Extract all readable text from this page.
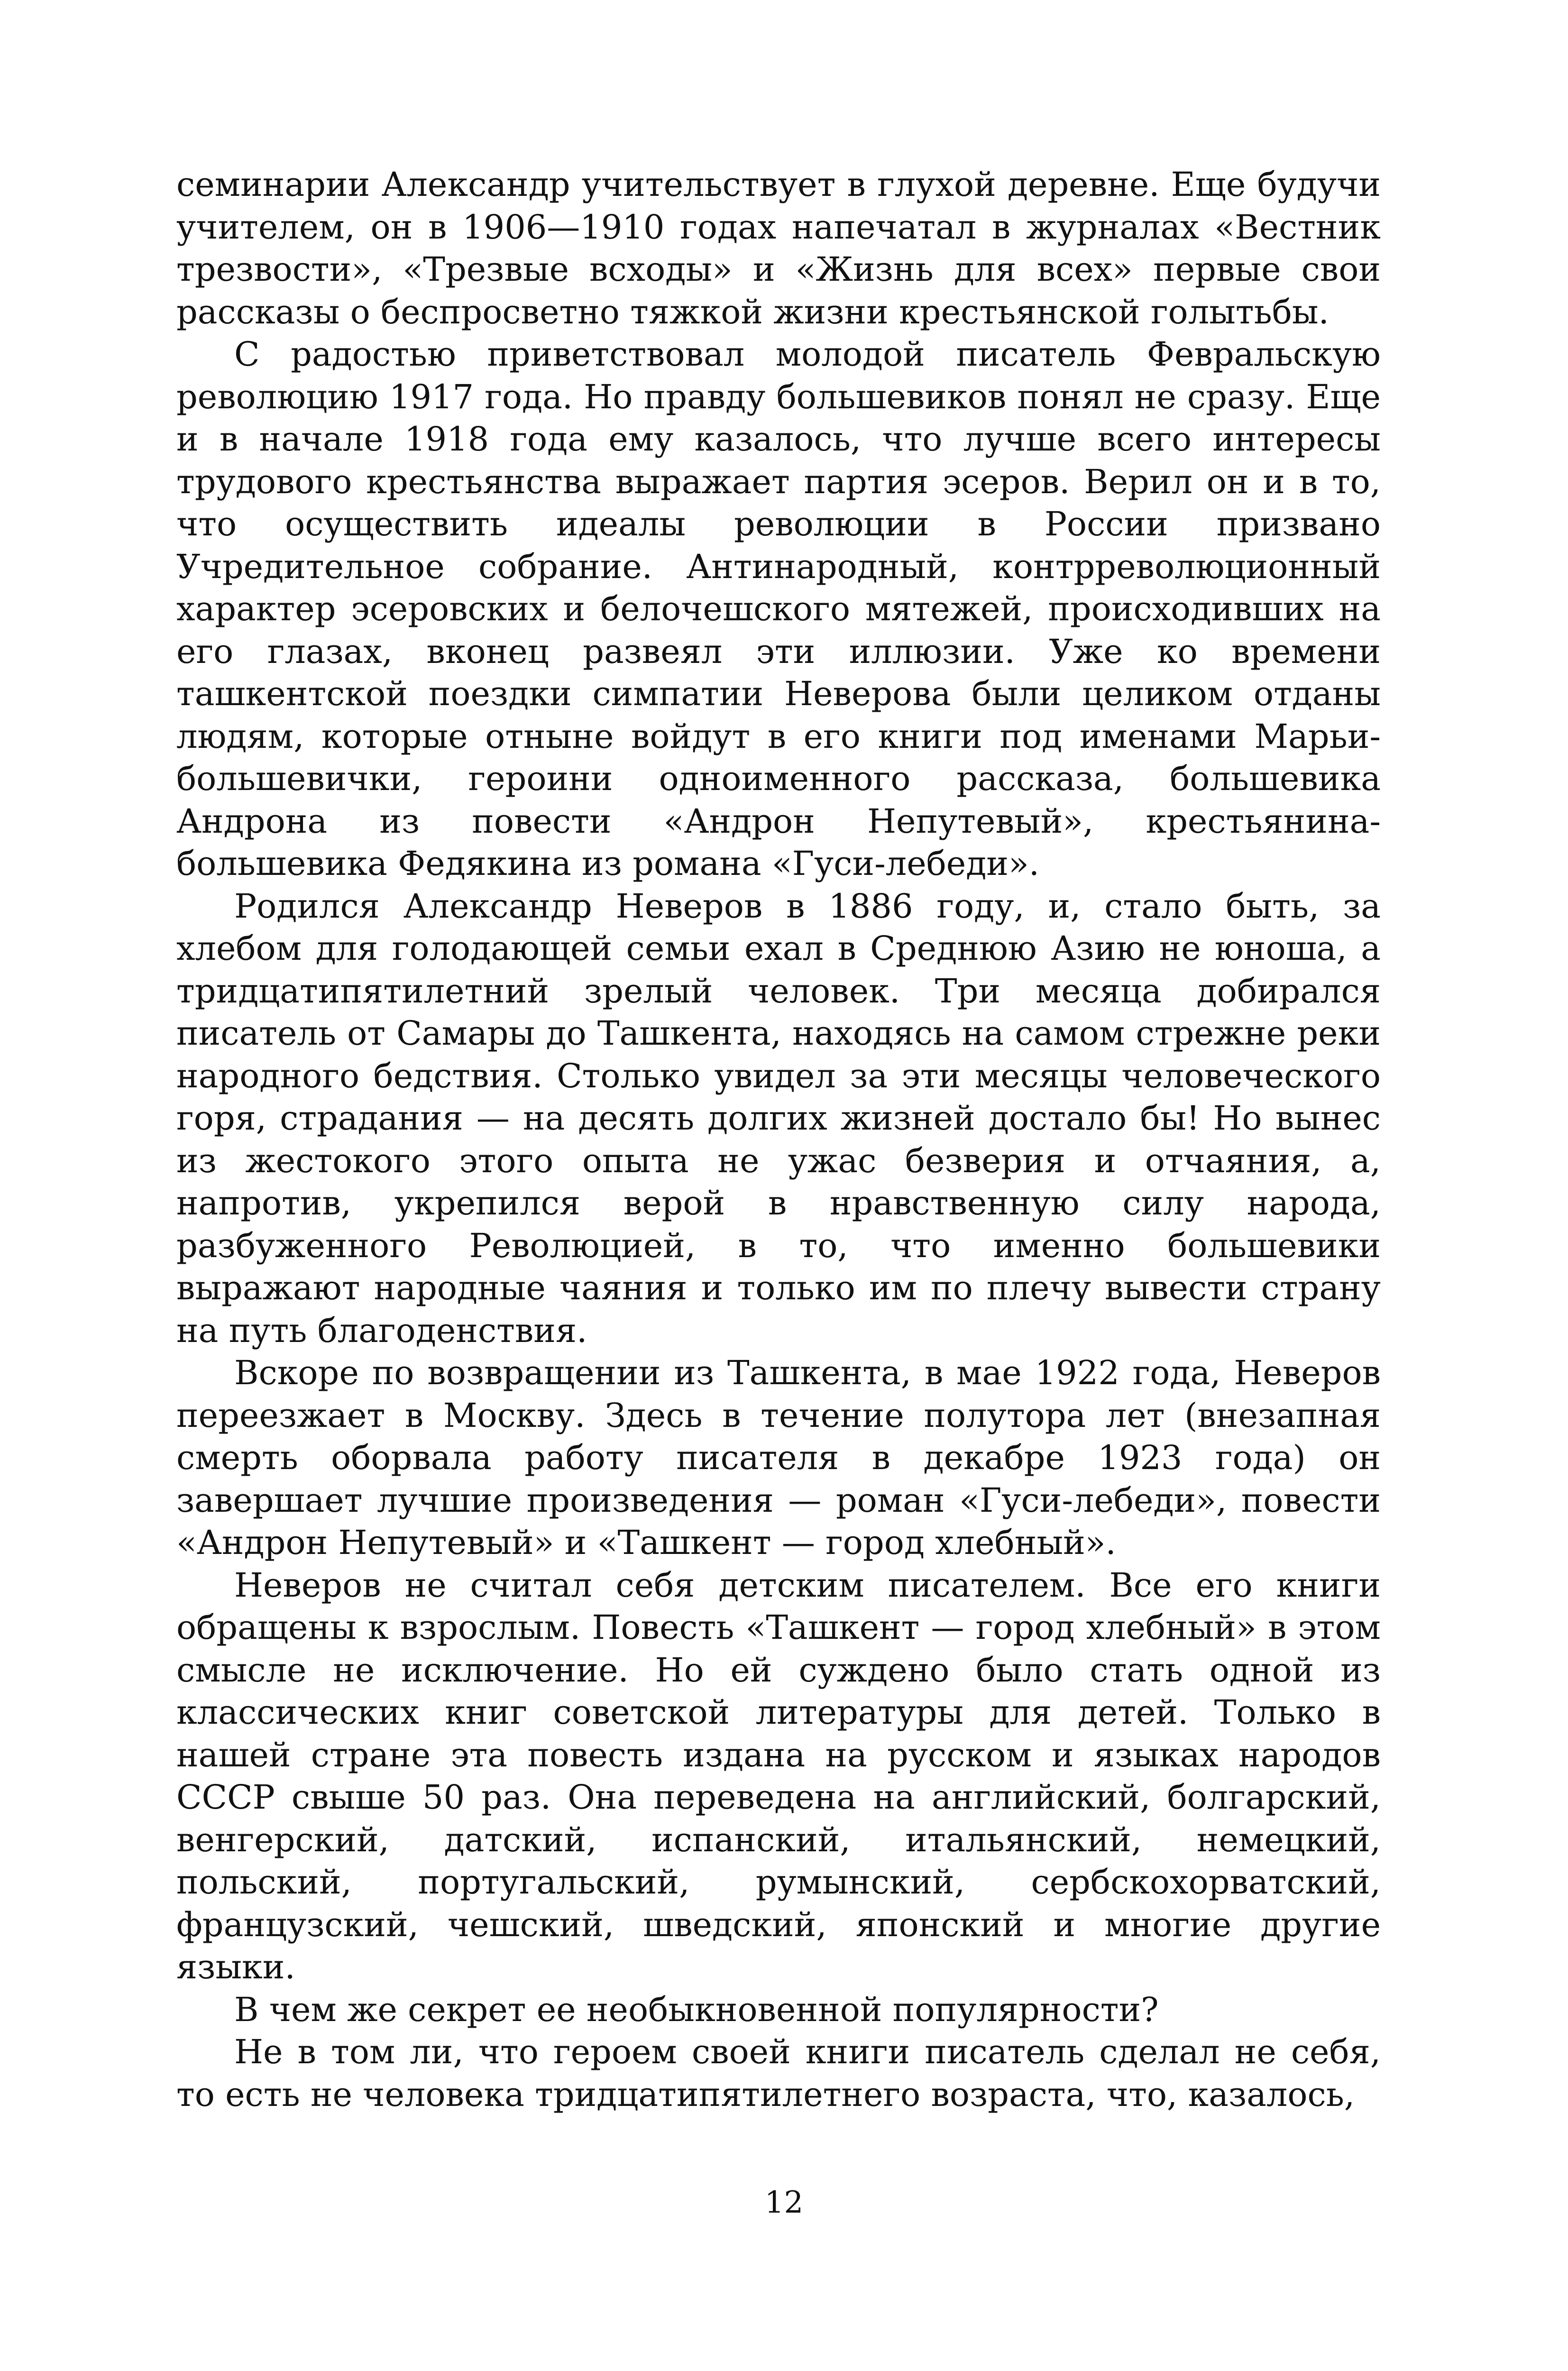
семинарии Александр учительствует в глухой деревне. Еще будучи учителем, он в 1906—1910 годах напечатал в журналах «Вестник трезвости», «Трезвые всходы» и «Жизнь для всех» первые свои рассказы о беспросветно тяжкой жизни крестьянской голытьбы.

С радостью приветствовал молодой писатель Февральскую революцию 1917 года. Но правду большевиков понял не сразу. Еще и в начале 1918 года ему казалось, что лучше всего интересы трудового крестьянства выражает партия эсеров. Верил он и в то, что осуществить идеалы революции в России призвано Учредительное собрание. Антинародный, контрреволюционный характер эсеровских и белочешского мятежей, происходивших на его глазах, вконец развеял эти иллюзии. Уже ко времени ташкентской поездки симпатии Неверова были целиком отданы людям, которые отныне войдут в его книги под именами Марьи-большевички, героини одноименного рассказа, большевика Андрона из повести «Андрон Непутевый», крестьянина-большевика Федякина из романа «Гуси-лебеди».

Родился Александр Неверов в 1886 году, и, стало быть, за хлебом для голодающей семьи ехал в Среднюю Азию не юноша, а тридцатипятилетний зрелый человек. Три месяца добирался писатель от Самары до Ташкента, находясь на самом стрежне реки народного бедствия. Столько увидел за эти месяцы человеческого горя, страдания — на десять долгих жизней достало бы! Но вынес из жестокого этого опыта не ужас безверия и отчаяния, а, напротив, укрепился верой в нравственную силу народа, разбуженного Революцией, в то, что именно большевики выражают народные чаяния и только им по плечу вывести страну на путь благоденствия.

Вскоре по возвращении из Ташкента, в мае 1922 года, Неверов переезжает в Москву. Здесь в течение полутора лет (внезапная смерть оборвала работу писателя в декабре 1923 года) он завершает лучшие произведения — роман «Гуси-лебеди», повести «Андрон Непутевый» и «Ташкент — город хлебный».

Неверов не считал себя детским писателем. Все его книги обращены к взрослым. Повесть «Ташкент — город хлебный» в этом смысле не исключение. Но ей суждено было стать одной из классических книг советской литературы для детей. Только в нашей стране эта повесть издана на русском и языках народов СССР свыше 50 раз. Она переведена на английский, болгарский, венгерский, датский, испанский, итальянский, немецкий, польский, португальский, румынский, сербскохорватский, французский, чешский, шведский, японский и многие другие языки.

В чем же секрет ее необыкновенной популярности?

Не в том ли, что героем своей книги писатель сделал не себя, то есть не человека тридцатипятилетнего возраста, что, казалось,

12
